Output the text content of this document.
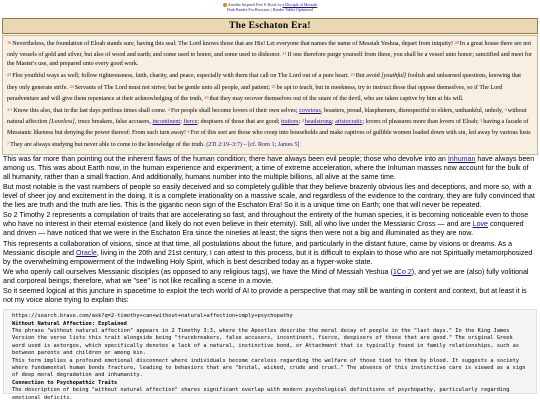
Another Inspired Free E-Book by a Disciple of Messiah
Dark Reader For Browsers | Reader Tablet Optimized
The Eschaton Era!

16Nevertheless, the foundation of Eloah stands sure, having this seal: The Lord knows those that are His! Let everyone that names the name of Messiah Yeshua, depart from iniquity! 20In a great house there are not only vessels of gold and silver, but also of wood and earth; and some used to honor, and some used to dishonor. 21If one therefore purge yourself from these, you shall be a vessel unto honor; sanctified and meet for the Master's use, and prepared unto every good work.

22Flee youthful ways as well; follow righteousness, faith, charity, and peace, especially with them that call on The Lord out of a pure heart. 23But avoid [youthful] foolish and unlearned questions, knowing that they only generate strife. 24Servants of The Lord must not strive; but be gentle unto all people, and patient; 25be apt to teach, but in meekness, try to instruct those that oppose themselves, so if The Lord peradventure and will give them repentance at their acknowledging of the truth, 26that they may recover themselves out of the snare of the devil, who are taken captive by him at his will.

3:1Know this also, that in the last days perilous times shall come. 2For people shall become lovers of their own selves; covetous, boasters, proud, blasphemers, disrespectful to elders, unthankful, unholy, 3without natural affection [Loveless], truce breakers, false accusers, incontinent; fierce; despisers of those that are good; traitors; 4headstrong; aristocratic; lovers of pleasures more than lovers of Eloah; 5having a facade of Messianic likeness but denying the power thereof: From such turn away! 6For of this sort are those who creep into households and make captives of gullible women loaded down with sin, led away by various lusts 7They are always studying but never able to come to the knowledge of the truth. (2Ti 2:19–3:7) – [cf. Rom 1; James 5]

This was far more than pointing out the inherent flaws of the human condition; there have always been evil people; those who devolve into an Inhuman have always been among us. This was about Earth now, in the human experience and experiment; a time of extreme acceleration, where the Inhuman masses now account for the bulk of all humanity, rather than a small fraction. And additionally, humans number into the multiple billions, all alive at the same time.

But most notable is the vast numbers of people so easily deceived and so completely gullible that they believe brazenly obvious lies and deceptions, and more so, with a level of sheer joy and excitement in the doing. It is a complete irrationality on a massive scale, and regardless of the evidence to the contrary, they are fully convinced that the lies are truth and the truth are lies. This is the gigantic neon sign of the Eschaton Era! So it is a unique time on Earth; one that will never be repeated.

So 2 Timothy 2 represents a compilation of traits that are accelerating so fast, and throughout the entirety of the human species, it is becoming noticeable even to those who have no interest in their eternal existence (and likely do not even believe in their eternity). Still, all who live under the Messianic Cross — and are Love conquered and driven — have noticed that we were in the Eschaton Era since the nineties at least; the signs then were not a big and illuminated as they are now.

This represents a collaboration of visions, since at that time, all postulations about the future, and particularly in the distant future, came by visions or dreams. As a Messianic disciple and Oracle, living in the 20th and 21st century, I can attest to this process, but it is difficult to explain to those who are not Spiritually metamorphosized by the overwhelming empowerment of the Indwelling Holy Spirit, which is best described today as a hyper-woke state.

We who openly call ourselves Messianic disciples (as opposed to any religious tags), we have the Mind of Messiah Yeshua (1Co 2), and yet we are (also) fully volitional and corporeal beings; therefore, what we "see" is not like recalling a scene in a movie.

So it seemed logical at this juncture in spacetime to exploit the tech world of AI to provide a perspective that may still be wanting in content and context, but at least it is not my voice alone trying to explain this:

https://search.brave.com/ask?q=2-timothy+can+without+natural+affection+imply+psychopathy
Without Natural Affection: Explained
The phrase "without natural affection" appears in 2 Timothy 3:3, where the Apostles describe the moral decay of people in the "last days." In the King James Version the verse lists this trait alongside being "trucebreakers, false accusers, incontinent, fierce, despisers of those that are good." The original Greek word used is astorgos, which specifically denotes a lack of a natural, instinctive bond, or Attachment that is typically found in family relationships, such as between parents and children or among kin.
This term implies a profound emotional disconnect where individuals become careless regarding the welfare of those tied to them by blood. It suggests a society where fundamental human bonds fracture, leading to behaviors that are "brutal, wicked, crude and cruel." The absence of this instinctive care is viewed as a sign of deep moral degradation and inhumanity.
Connection to Psychopathic Traits
The description of being "without natural affection" shares significant overlap with modern psychological definitions of psychopathy, particularly regarding emotional deficits.
